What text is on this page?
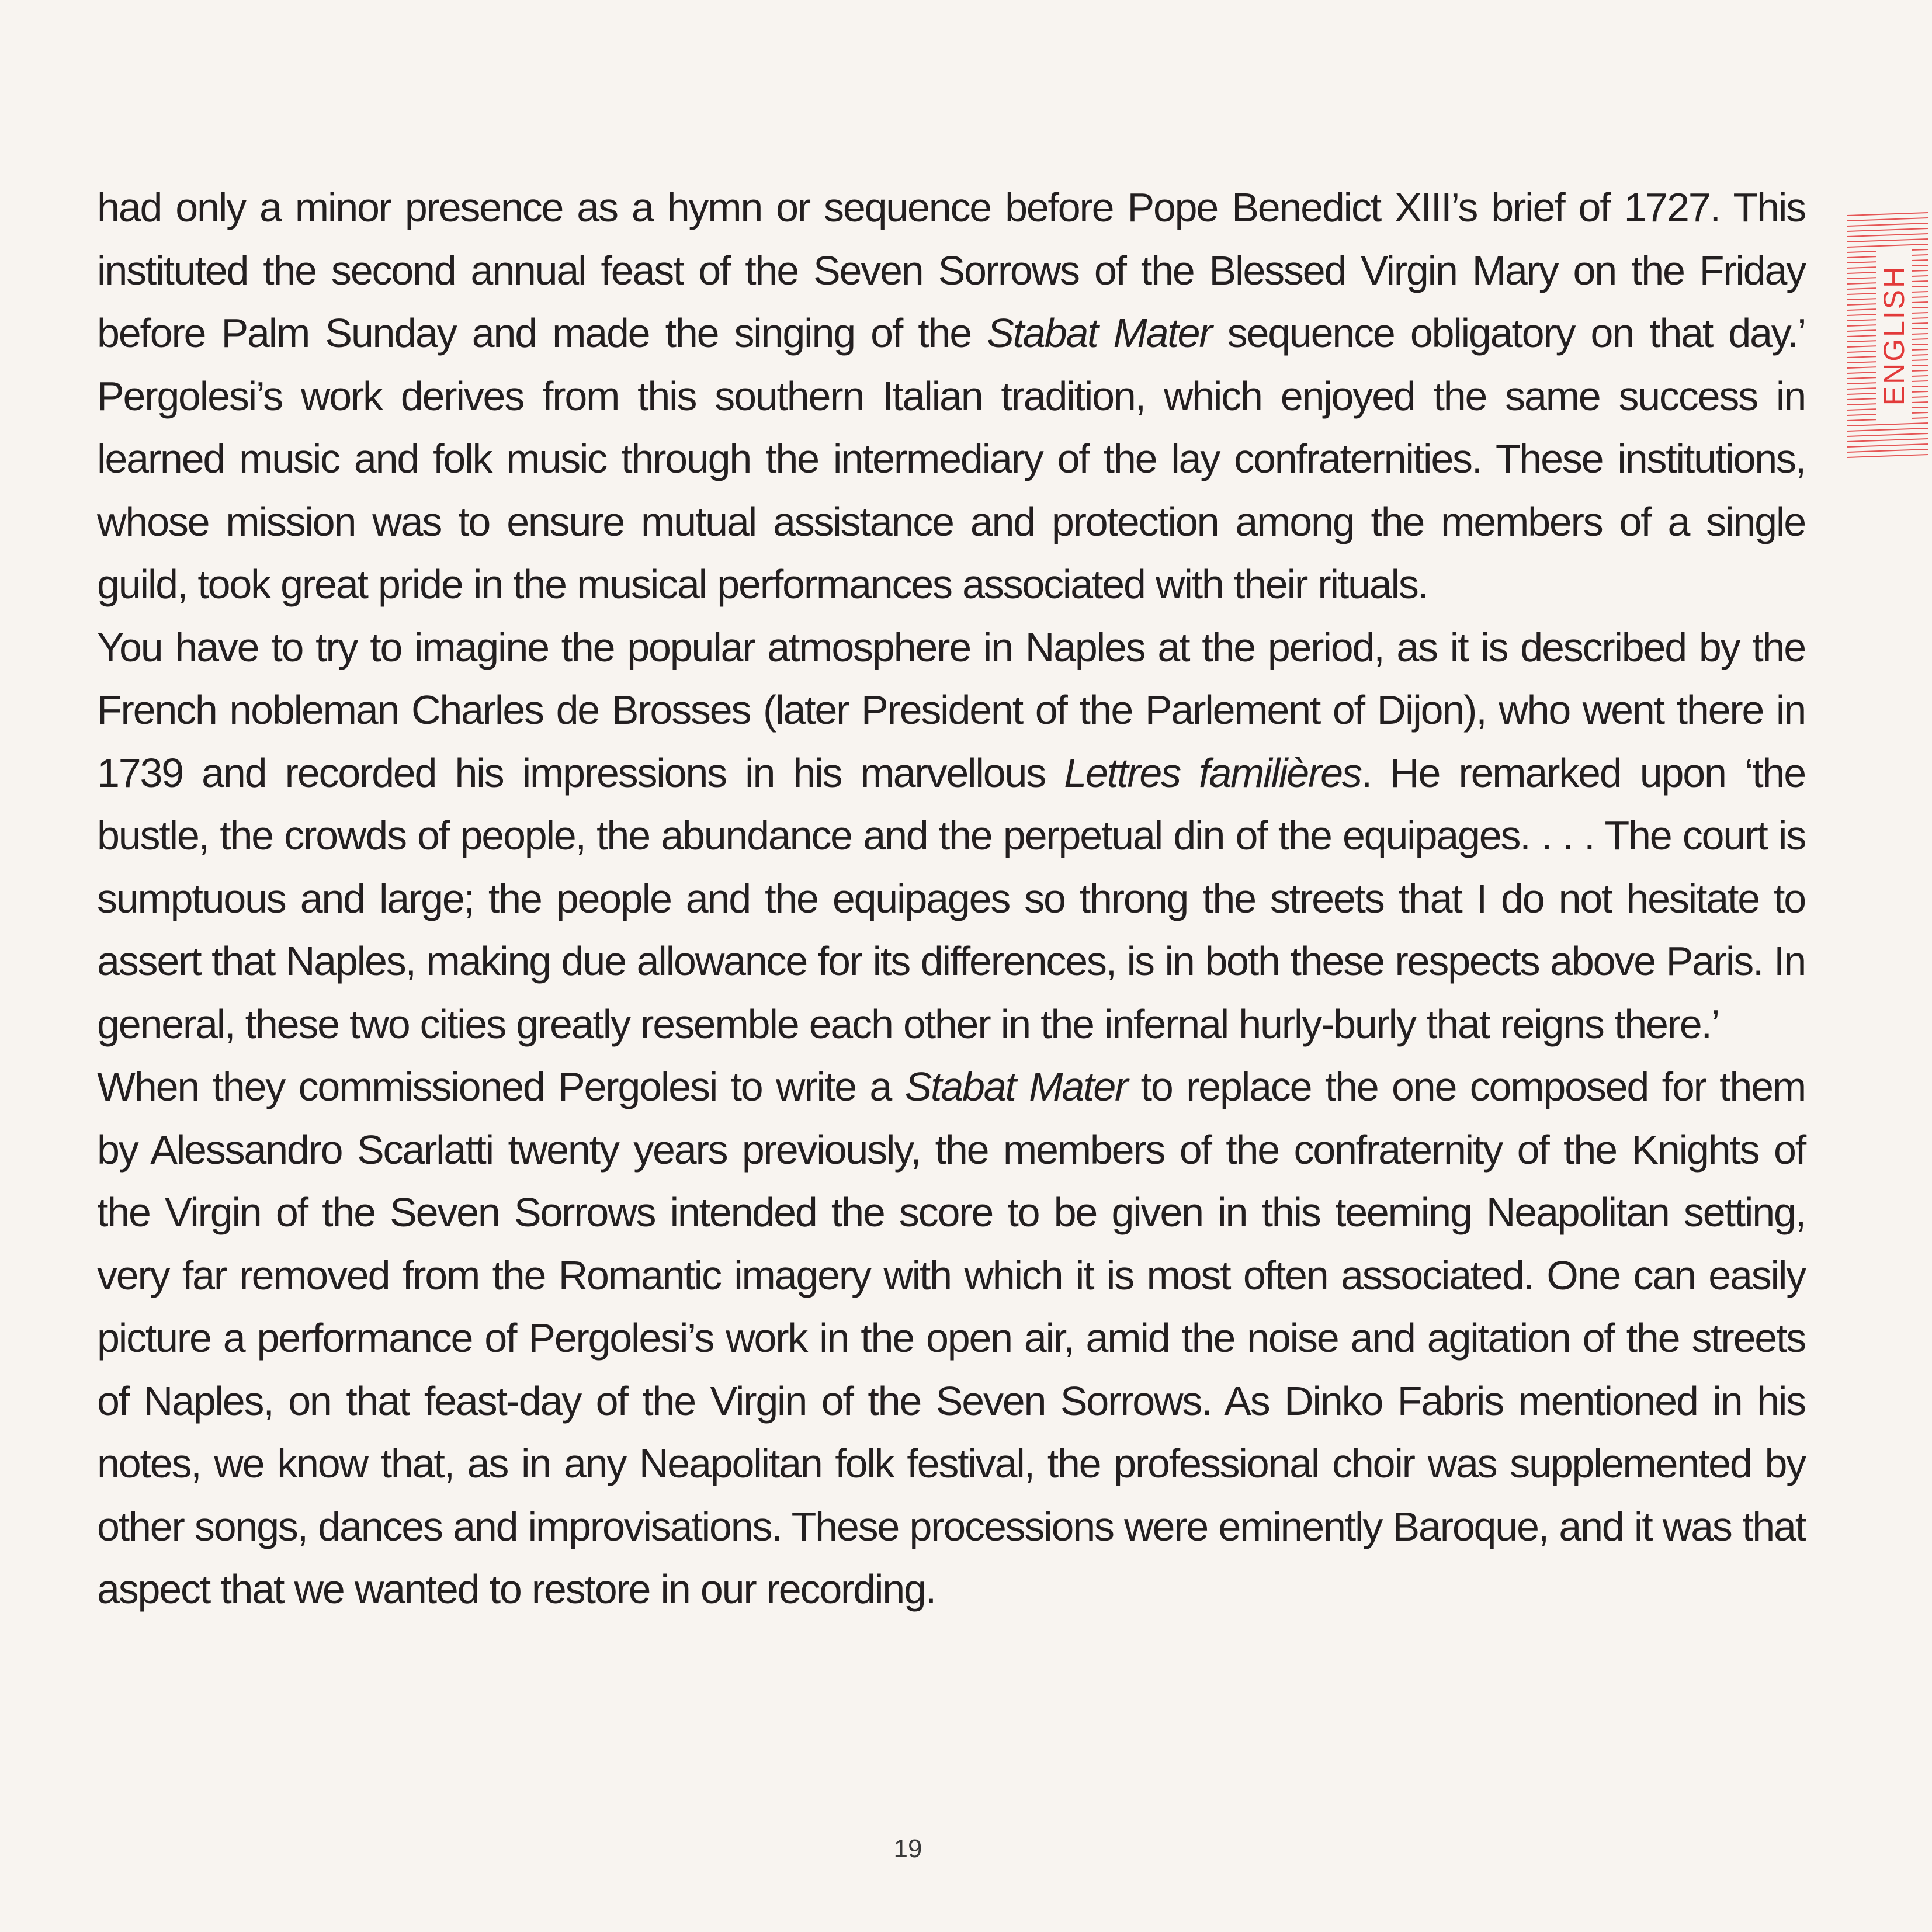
had only a minor presence as a hymn or sequence before Pope Benedict XIII’s brief of 1727. This instituted the second annual feast of the Seven Sorrows of the Blessed Virgin Mary on the Friday before Palm Sunday and made the singing of the Stabat Mater sequence obligatory on that day.’ Pergolesi’s work derives from this southern Italian tradition, which enjoyed the same success in learned music and folk music through the intermediary of the lay confraternities. These institutions, whose mission was to ensure mutual assistance and protection among the members of a single guild, took great pride in the musical performances associated with their rituals.

You have to try to imagine the popular atmosphere in Naples at the period, as it is described by the French nobleman Charles de Brosses (later President of the Parlement of Dijon), who went there in 1739 and recorded his impressions in his marvellous Lettres familières. He remarked upon ‘the bustle, the crowds of people, the abundance and the perpetual din of the equipages. . . . The court is sumptuous and large; the people and the equipages so throng the streets that I do not hesitate to assert that Naples, making due allowance for its differences, is in both these respects above Paris. In general, these two cities greatly resemble each other in the infernal hurly-burly that reigns there.’

When they commissioned Pergolesi to write a Stabat Mater to replace the one composed for them by Alessandro Scarlatti twenty years previously, the members of the confraternity of the Knights of the Virgin of the Seven Sorrows intended the score to be given in this teeming Neapolitan setting, very far removed from the Romantic imagery with which it is most often associated. One can easily picture a performance of Pergolesi’s work in the open air, amid the noise and agitation of the streets of Naples, on that feast-day of the Virgin of the Seven Sorrows. As Dinko Fabris mentioned in his notes, we know that, as in any Neapolitan folk festival, the professional choir was supplemented by other songs, dances and improvisations. These processions were eminently Baroque, and it was that aspect that we wanted to restore in our recording.

ENGLISH
19
